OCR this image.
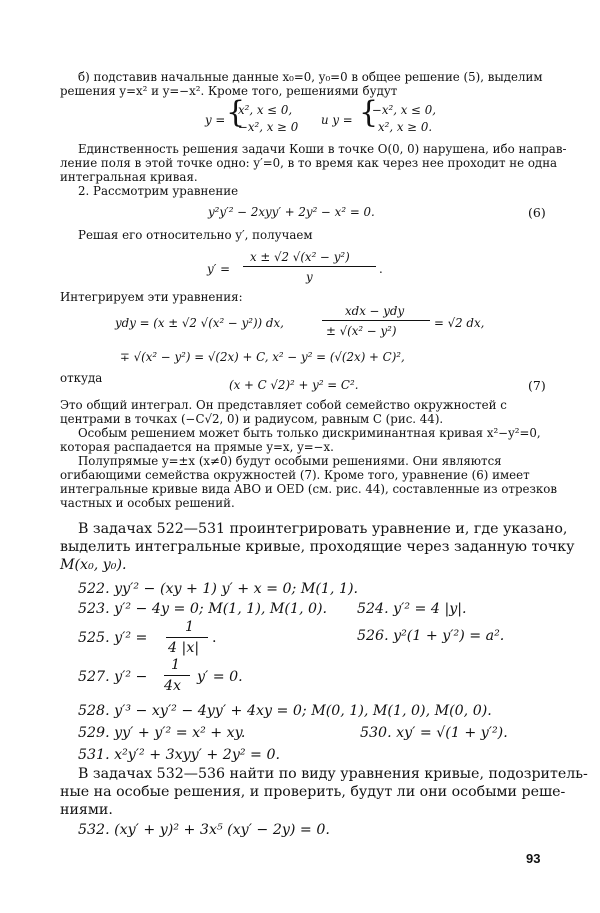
б) подставив начальные данные x₀=0, y₀=0 в общее решение (5), выделим
решения y=x² и y=−x². Кроме того, решениями будут
y = {
x², x ≤ 0,
−x², x ≥ 0 и y = {
−x², x ≤ 0,
x², x ≥ 0.
Единственность решения задачи Коши в точке O(0, 0) нарушена, ибо направ-
ление поля в этой точке одно: y′=0, в то время как через нее проходит не одна
интегральная кривая.
2. Рассмотрим уравнение
y²y′² − 2xyy′ + 2y² − x² = 0.	(6)
Решая его относительно y′, получаем
y′ =
x ± √2 √(x² − y²)
y
.
Интегрируем эти уравнения:
ydy = (x ± √2 √(x² − y²)) dx,
xdx − ydy
± √(x² − y²)
= √2 dx,
∓ √(x² − y²) = √(2x) + C, x² − y² = (√(2x) + C)²,
откуда	(x + C √2)² + y² = C².	(7)
Это общий интеграл. Он представляет собой семейство окружностей с
центрами в точках (−C√2, 0) и радиусом, равным C (рис. 44).
Особым решением может быть только дискриминантная кривая x²−y²=0,
которая распадается на прямые y=x, y=−x.
Полупрямые y=±x (x≠0) будут особыми решениями. Они являются
огибающими семейства окружностей (7). Кроме того, уравнение (6) имеет
интегральные кривые вида ABO и OED (см. рис. 44), составленные из отрезков
частных и особых решений.
В задачах 522—531 проинтегрировать уравнение и, где указано,
выделить интегральные кривые, проходящие через заданную точку
M(x₀, y₀).
522. yy′² − (xy + 1) y′ + x = 0; M(1, 1).
523. y′² − 4y = 0; M(1, 1), M(1, 0). 524. y′² = 4 |y|.
525. y′² =
1
4 |x|
.	526. y²(1 + y′²) = a².
527. y′² −
1
4x
y′ = 0.
528. y′³ − xy′² − 4yy′ + 4xy = 0; M(0, 1), M(1, 0), M(0, 0).
529. yy′ + y′² = x² + xy.	530. xy′ = √(1 + y′²).
531. x²y′² + 3xyy′ + 2y² = 0.
В задачах 532—536 найти по виду уравнения кривые, подозритель-
ные на особые решения, и проверить, будут ли они особыми реше-
ниями.
532. (xy′ + y)² + 3x⁵ (xy′ − 2y) = 0.
93
